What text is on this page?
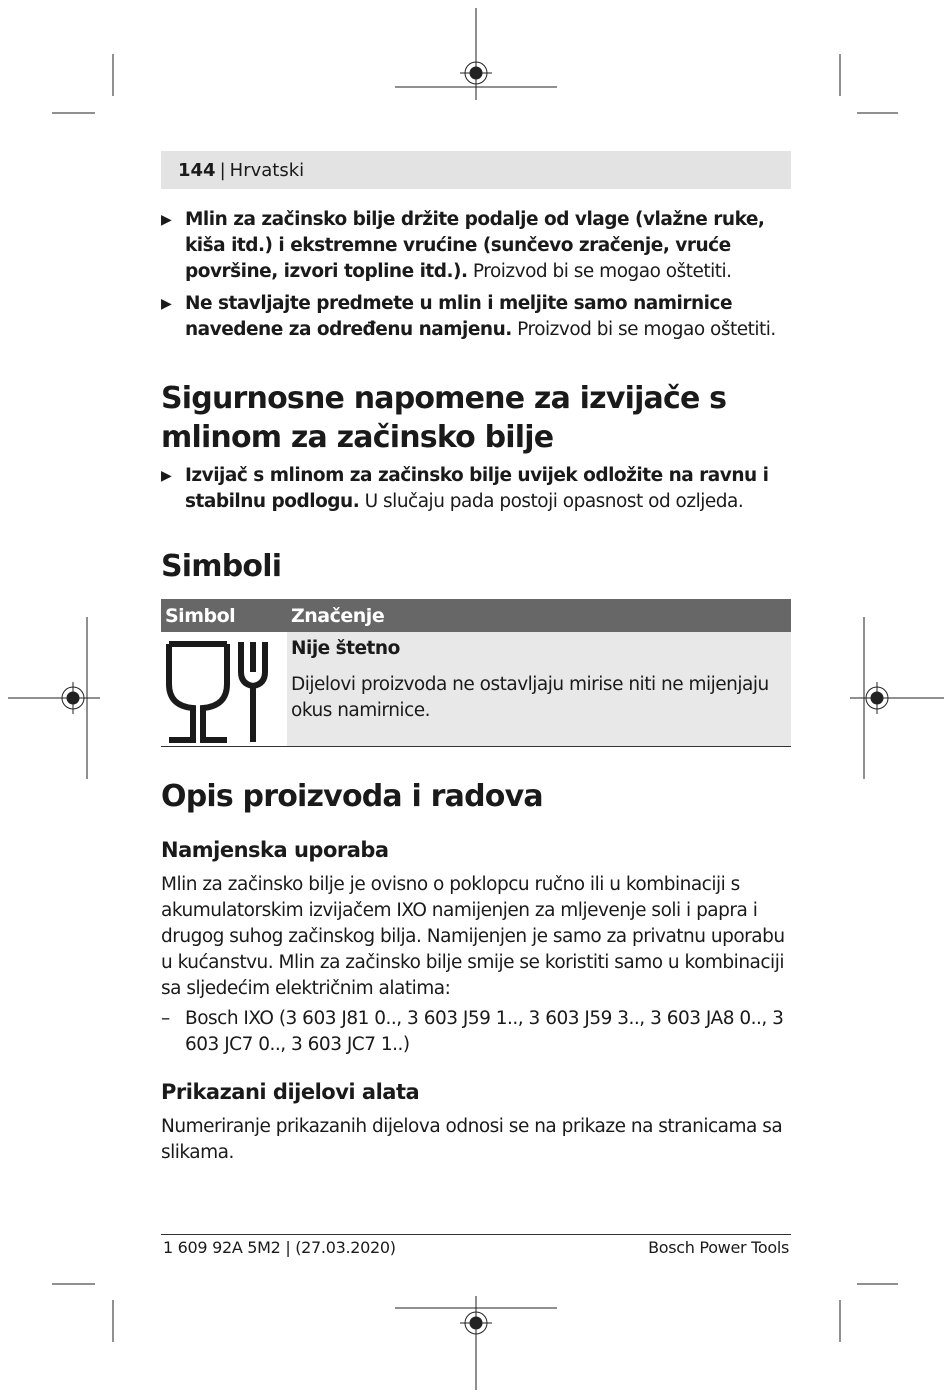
144 | Hrvatski
▶ Mlin za začinsko bilje držite podalje od vlage (vlažne ruke, kiša itd.) i ekstremne vrućine (sunčevo zračenje, vruće površine, izvori topline itd.). Proizvod bi se mogao oštetiti.
▶ Ne stavljajte predmete u mlin i meljite samo namirnice navedene za određenu namjenu. Proizvod bi se mogao oštetiti.
Sigurnosne napomene za izvijače s mlinom za začinsko bilje
▶ Izvijač s mlinom za začinsko bilje uvijek odložite na ravnu i stabilnu podlogu. U slučaju pada postoji opasnost od ozljeda.
Simboli
Simbol	Značenje

Nije štetno
Dijelovi proizvoda ne ostavljaju mirise niti ne mijenjaju okus namirnice.
Opis proizvoda i radova
Namjenska uporaba

Mlin za začinsko bilje je ovisno o poklopcu ručno ili u kombinaciji s akumulatorskim izvijačem IXO namijenjen za mljevenje soli i papra i drugog suhog začinskog bilja. Namijenjen je samo za privatnu uporabu u kućanstvu. Mlin za začinsko bilje smije se koristiti samo u kombinaciji sa sljedećim električnim alatima:

– Bosch IXO (3 603 J81 0.., 3 603 J59 1.., 3 603 J59 3.., 3 603 JA8 0.., 3 603 JC7 0.., 3 603 JC7 1..)
Prikazani dijelovi alata

Numeriranje prikazanih dijelova odnosi se na prikaze na stranicama sa slikama.

1 609 92A 5M2 | (27.03.2020)	Bosch Power Tools
